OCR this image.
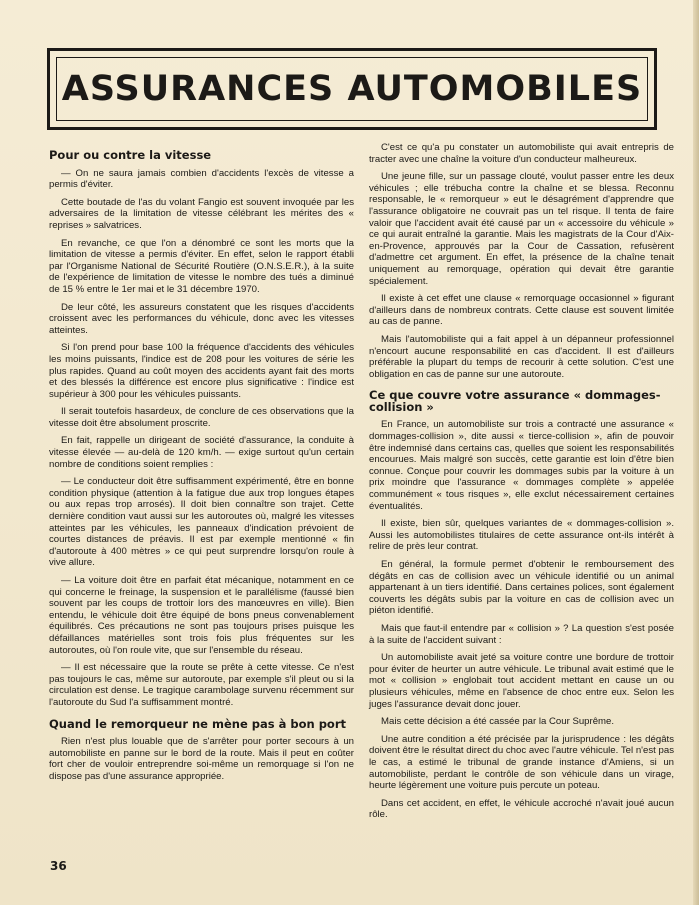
ASSURANCES AUTOMOBILES
Pour ou contre la vitesse

— On ne saura jamais combien d'accidents l'excès de vitesse a permis d'éviter.

Cette boutade de l'as du volant Fangio est souvent invoquée par les adversaires de la limitation de vitesse célébrant les mérites des « reprises » salvatrices.

En revanche, ce que l'on a dénombré ce sont les morts que la limitation de vitesse a permis d'éviter. En effet, selon le rapport établi par l'Organisme National de Sécurité Routière (O.N.S.E.R.), à la suite de l'expérience de limitation de vitesse le nombre des tués a diminué de 15 % entre le 1er mai et le 31 décembre 1970.

De leur côté, les assureurs constatent que les risques d'accidents croissent avec les performances du véhicule, donc avec les vitesses atteintes.

Si l'on prend pour base 100 la fréquence d'accidents des véhicules les moins puissants, l'indice est de 208 pour les voitures de série les plus rapides. Quand au coût moyen des accidents ayant fait des morts et des blessés la différence est encore plus significative : l'indice est supérieur à 300 pour les véhicules puissants.

Il serait toutefois hasardeux, de conclure de ces observations que la vitesse doit être absolument proscrite.

En fait, rappelle un dirigeant de société d'assurance, la conduite à vitesse élevée — au-delà de 120 km/h. — exige surtout qu'un certain nombre de conditions soient remplies :

— Le conducteur doit être suffisamment expérimenté, être en bonne condition physique (attention à la fatigue due aux trop longues étapes ou aux repas trop arrosés). Il doit bien connaître son trajet. Cette dernière condition vaut aussi sur les autoroutes où, malgré les vitesses atteintes par les véhicules, les panneaux d'indication prévoient de courtes distances de préavis. Il est par exemple mentionné « fin d'autoroute à 400 mètres » ce qui peut surprendre lorsqu'on roule à vive allure.

— La voiture doit être en parfait état mécanique, notamment en ce qui concerne le freinage, la suspension et le parallélisme (faussé bien souvent par les coups de trottoir lors des manœuvres en ville). Bien entendu, le véhicule doit être équipé de bons pneus convenablement équilibrés. Ces précautions ne sont pas toujours prises puisque les défaillances matérielles sont trois fois plus fréquentes sur les autoroutes, où l'on roule vite, que sur l'ensemble du réseau.

— Il est nécessaire que la route se prête à cette vitesse. Ce n'est pas toujours le cas, même sur autoroute, par exemple s'il pleut ou si la circulation est dense. Le tragique carambolage survenu récemment sur l'autoroute du Sud l'a suffisamment montré.

Quand le remorqueur ne mène pas à bon port

Rien n'est plus louable que de s'arrêter pour porter secours à un automobiliste en panne sur le bord de la route. Mais il peut en coûter fort cher de vouloir entreprendre soi-même un remorquage si l'on ne dispose pas d'une assurance appropriée.

C'est ce qu'a pu constater un automobiliste qui avait entrepris de tracter avec une chaîne la voiture d'un conducteur malheureux.

Une jeune fille, sur un passage clouté, voulut passer entre les deux véhicules ; elle trébucha contre la chaîne et se blessa. Reconnu responsable, le « remorqueur » eut le désagrément d'apprendre que l'assurance obligatoire ne couvrait pas un tel risque. Il tenta de faire valoir que l'accident avait été causé par un « accessoire du véhicule » ce qui aurait entraîné la garantie. Mais les magistrats de la Cour d'Aix-en-Provence, approuvés par la Cour de Cassation, refusèrent d'admettre cet argument. En effet, la présence de la chaîne tenait uniquement au remorquage, opération qui devait être garantie spécialement.

Il existe à cet effet une clause « remorquage occasionnel » figurant d'ailleurs dans de nombreux contrats. Cette clause est souvent limitée au cas de panne.

Mais l'automobiliste qui a fait appel à un dépanneur professionnel n'encourt aucune responsabilité en cas d'accident. Il est d'ailleurs préférable la plupart du temps de recourir à cette solution. C'est une obligation en cas de panne sur une autoroute.

Ce que couvre votre assurance « dommages-collision »

En France, un automobiliste sur trois a contracté une assurance « dommages-collision », dite aussi « tierce-collision », afin de pouvoir être indemnisé dans certains cas, quelles que soient les responsabilités encourues. Mais malgré son succès, cette garantie est loin d'être bien connue. Conçue pour couvrir les dommages subis par la voiture à un prix moindre que l'assurance « dommages complète » appelée communément « tous risques », elle exclut nécessairement certaines éventualités.

Il existe, bien sûr, quelques variantes de « dommages-collision ». Aussi les automobilistes titulaires de cette assurance ont-ils intérêt à relire de près leur contrat.

En général, la formule permet d'obtenir le remboursement des dégâts en cas de collision avec un véhicule identifié ou un animal appartenant à un tiers identifié. Dans certaines polices, sont également couverts les dégâts subis par la voiture en cas de collision avec un piéton identifié.

Mais que faut-il entendre par « collision » ? La question s'est posée à la suite de l'accident suivant :

Un automobiliste avait jeté sa voiture contre une bordure de trottoir pour éviter de heurter un autre véhicule. Le tribunal avait estimé que le mot « collision » englobait tout accident mettant en cause un ou plusieurs véhicules, même en l'absence de choc entre eux. Selon les juges l'assurance devait donc jouer.

Mais cette décision a été cassée par la Cour Suprême.

Une autre condition a été précisée par la jurisprudence : les dégâts doivent être le résultat direct du choc avec l'autre véhicule. Tel n'est pas le cas, a estimé le tribunal de grande instance d'Amiens, si un automobiliste, perdant le contrôle de son véhicule dans un virage, heurte légèrement une voiture puis percute un poteau.

Dans cet accident, en effet, le véhicule accroché n'avait joué aucun rôle.

36
